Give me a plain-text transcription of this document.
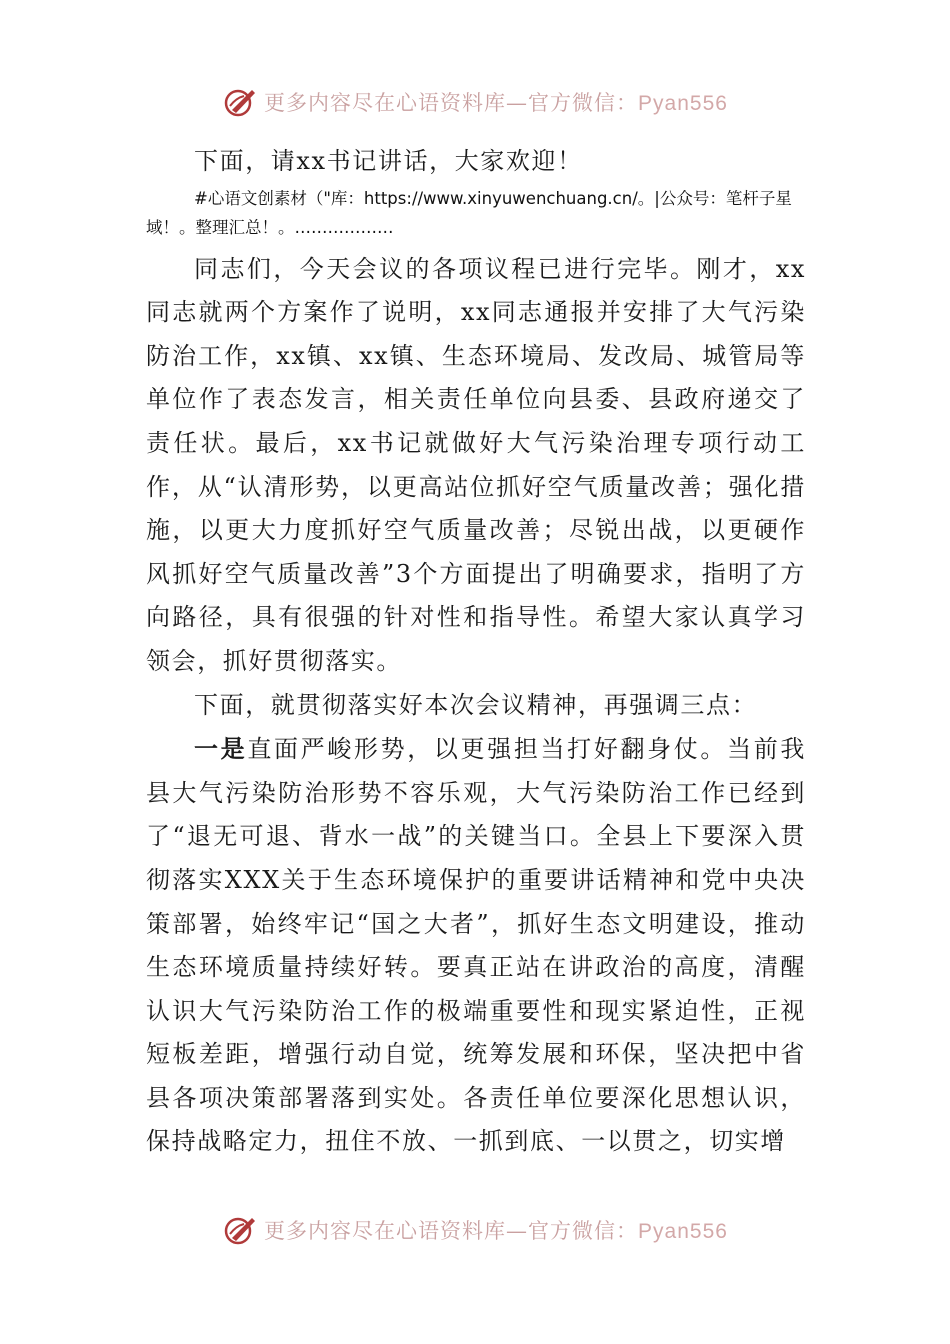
更多内容尽在心语资料库—官方微信：Pyan556

下面，请xx书记讲话，大家欢迎！

#心语文创素材（"库：https://www.xinyuwenchuang.cn/。|公众号：笔杆子星域！。整理汇总！。………………

同志们，今天会议的各项议程已进行完毕。刚才，xx同志就两个方案作了说明，xx同志通报并安排了大气污染防治工作，xx镇、xx镇、生态环境局、发改局、城管局等单位作了表态发言，相关责任单位向县委、县政府递交了责任状。最后，xx书记就做好大气污染治理专项行动工作，从“认清形势，以更高站位抓好空气质量改善；强化措施，以更大力度抓好空气质量改善；尽锐出战，以更硬作风抓好空气质量改善”3个方面提出了明确要求，指明了方向路径，具有很强的针对性和指导性。希望大家认真学习领会，抓好贯彻落实。

下面，就贯彻落实好本次会议精神，再强调三点：

一是直面严峻形势，以更强担当打好翻身仗。当前我县大气污染防治形势不容乐观，大气污染防治工作已经到了“退无可退、背水一战”的关键当口。全县上下要深入贯彻落实XXX关于生态环境保护的重要讲话精神和党中央决策部署，始终牢记“国之大者”，抓好生态文明建设，推动生态环境质量持续好转。要真正站在讲政治的高度，清醒认识大气污染防治工作的极端重要性和现实紧迫性，正视短板差距，增强行动自觉，统筹发展和环保，坚决把中省县各项决策部署落到实处。各责任单位要深化思想认识，保持战略定力，扭住不放、一抓到底、一以贯之，切实增

更多内容尽在心语资料库—官方微信：Pyan556
